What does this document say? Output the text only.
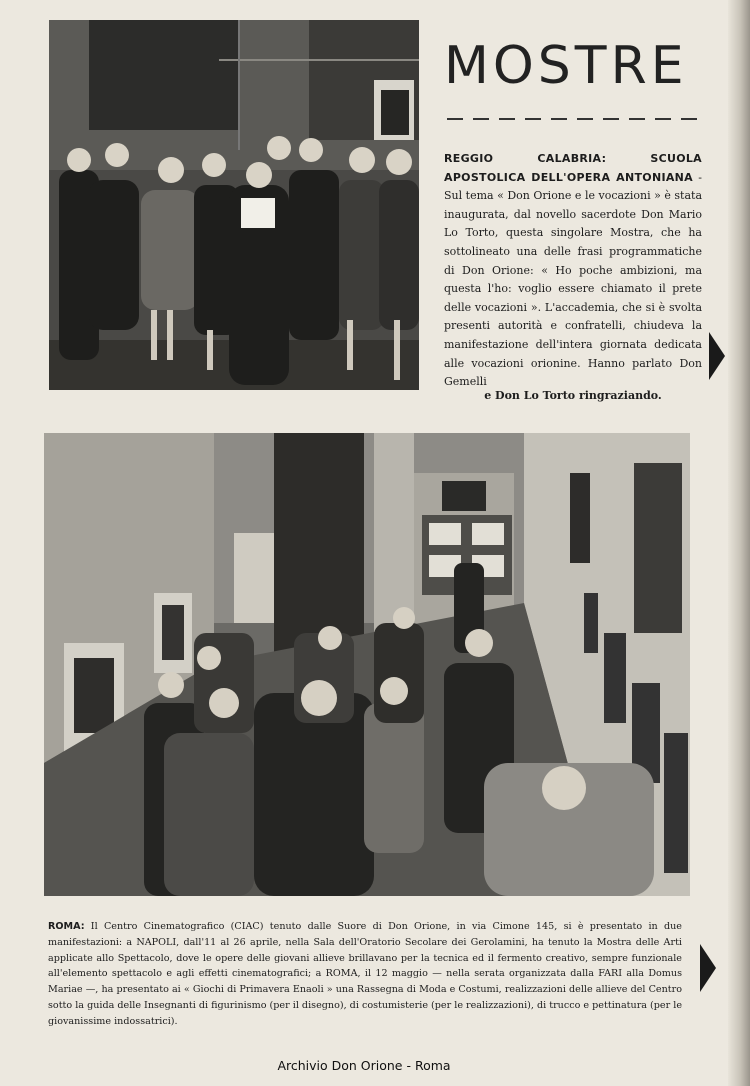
MOSTRE

REGGIO CALABRIA: SCUOLA APOSTOLICA DELL'OPERA ANTONIANA - Sul tema « Don Orione e le vocazioni » è stata inaugurata, dal novello sacerdote Don Mario Lo Torto, questa singolare Mostra, che ha sottolineato una delle frasi programmatiche di Don Orione: « Ho poche ambizioni, ma questa l'ho: voglio essere chiamato il prete delle vocazioni ». L'accademia, che si è svolta presenti autorità e confratelli, chiudeva la manifestazione dell'intera giornata dedicata alle vocazioni orionine. Hanno parlato Don Gemelli

e Don Lo Torto ringraziando.

ROMA: Il Centro Cinematografico (CIAC) tenuto dalle Suore di Don Orione, in via Cimone 145, si è presentato in due manifestazioni: a NAPOLI, dall'11 al 26 aprile, nella Sala dell'Oratorio Secolare dei Gerolamini, ha tenuto la Mostra delle Arti applicate allo Spettacolo, dove le opere delle giovani allieve brillavano per la tecnica ed il fermento creativo, sempre funzionale all'elemento spettacolo e agli effetti cinematografici; a ROMA, il 12 maggio — nella serata organizzata dalla FARI alla Domus Mariae —, ha presentato ai « Giochi di Primavera Enaoli » una Rassegna di Moda e Costumi, realizzazioni delle allieve del Centro sotto la guida delle Insegnanti di figurinismo (per il disegno), di costumisterie (per le realizzazioni), di trucco e pettinatura (per le giovanissime indossatrici).

Archivio Don Orione - Roma
